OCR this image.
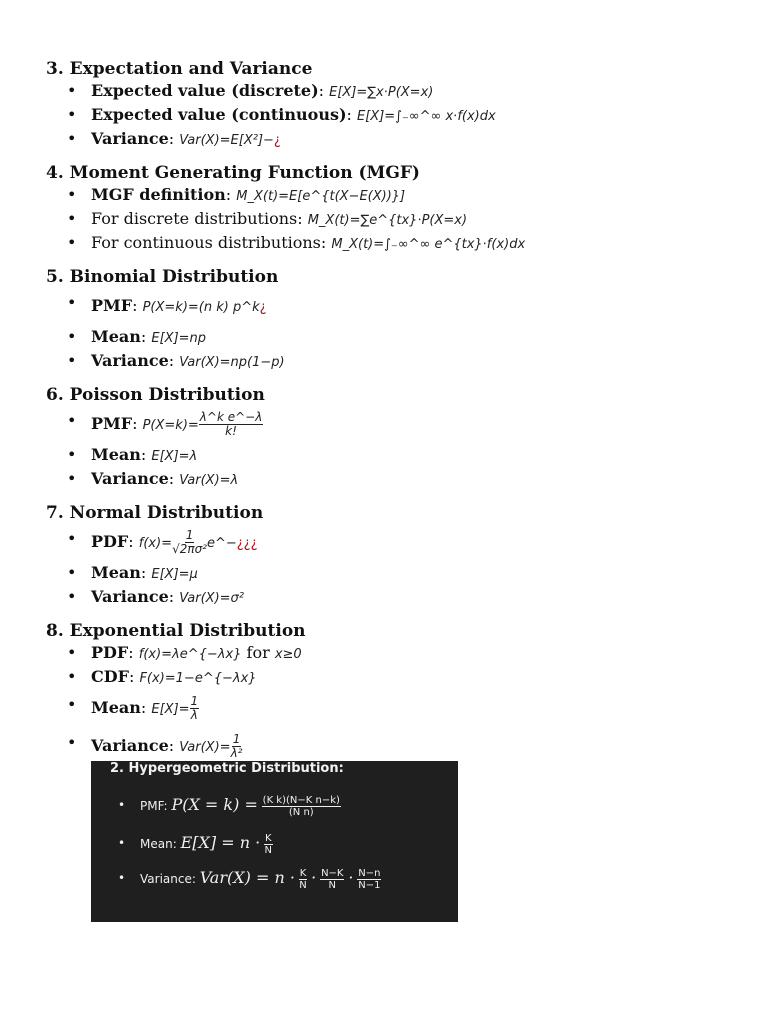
3. Expectation and Variance

• Expected value (discrete): E[X]=∑x⋅P(X=x)
• Expected value (continuous): E[X]=∫₋∞^∞ x⋅f(x)dx
• Variance: Var(X)=E[X²]−¿

4. Moment Generating Function (MGF)

• MGF definition: M_X(t)=E[e^{t(X−E(X))}]
• For discrete distributions: M_X(t)=∑e^{tx}⋅P(X=x)
• For continuous distributions: M_X(t)=∫₋∞^∞ e^{tx}⋅f(x)dx

5. Binomial Distribution

• PMF: P(X=k)=(n k) p^k¿
• Mean: E[X]=np
• Variance: Var(X)=np(1−p)

6. Poisson Distribution

• PMF: $P(X=k)= \frac{\text{λ\textasciicircum{}k e\textasciicircum{}−λ}}{k!}$
• Mean: E[X]=λ
• Variance: Var(X)=λ

7. Normal Distribution

• PDF: $f(x)= \frac{1}{\text{√2πσ²}}$ e^−¿¿¿
• Mean: E[X]=μ
• Variance: Var(X)=σ²

8. Exponential Distribution

• PDF: f(x)=λe^{−λx} for x≥0
• CDF: F(x)=1−e^{−λx}
• Mean: $E[X]= \frac{1}{\lambda}$
• Variance: $Var(X)= \frac{1}{\text{λ²}}$
2. Hypergeometric Distribution:
• PMF: $P(X = k) = \frac{\text{(K k)(N−K n−k)}}{\text{(N n)}}$
• Mean: $E[X] = n \cdot \frac{K}{N}$
• Variance: $Var(X) = n \cdot \frac{K}{N} \cdot \frac{N-K}{N} \cdot \frac{N-n}{N-1}$
